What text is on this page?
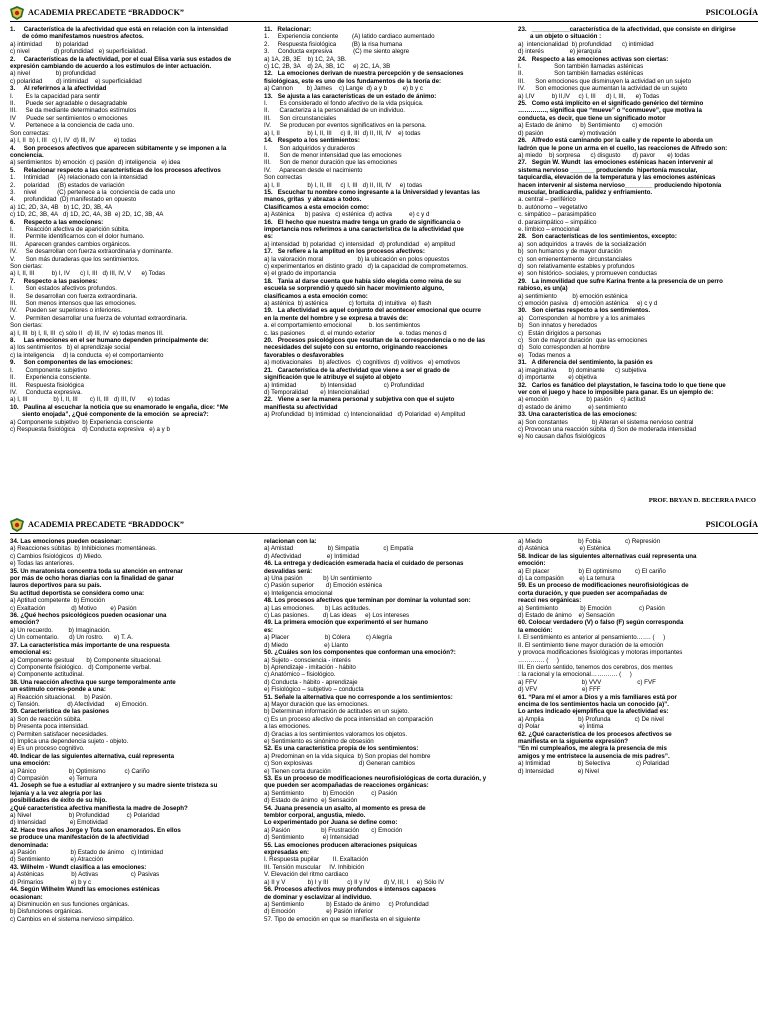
ACADEMIA PRECADETE “BRADDOCK”	PSICOLOGÍA
1.     Característica de la afectividad que está en relación con la intensidad
de cómo manifestamos nuestros afectos.
a) intimidad        b) polaridad
c) nivel              d) profundidad   e) superficialidad.
2.     Características de la afectividad, por el cual Elisa varía sus estados de
expresión cambiando de acuerdo a los estímulos de inter actuación.
a) nivel               b) profundidad
c) polaridad        d) intimidad    e) superficialidad
3.     Al referirnos a la afectividad
I.       Es la capacidad para sentir
II.      Puede ser agradable o desagradable
III.     Se da mediante determinados estímulos
IV      Puede ser sentimientos o emociones
V.      Pertenece a la conciencia de cada uno.
Son correctas:
a) I, II  b) I, III   c) I, IV  d) III, IV           e) todas
4.     Son procesos afectivos que aparecen súbitamente y se imponen a la
conciencia.
a) sentimientos  b) emoción  c) pasión  d) inteligencia   e) idea
5.     Relacionar respecto a las características de los procesos afectivos
1.     Intimidad     (A) relacionado con la intensidad
2.     polaridad     (B) estados de variación
3.     nivel            (C) pertenece a la  conciencia de cada uno
4.     profundidad  (D) manifestado en opuesto
a) 1C, 2D, 3A, 4B   b) 1C, 2D, 3B, 4A
c) 1D, 2C, 3B, 4A   d) 1D, 2C, 4A, 3B  e) 2D, 1C, 3B, 4A
6.     Respecto a las emociones:
I.       Reacción afectiva de aparición súbita.
II.      Permite identificarnos con el dolor humano.
III.     Aparecen grandes cambios orgánicos.
IV.     Se desarrollan con fuerza extraordinaria y dominante.
V.      Son más duraderas que los sentimientos.
Son ciertas:
a) I, II, III          b) I, IV      c) I, III   d) III, IV, V      e) Todas
7.     Respecto a las pasiones:
I.       Son estados afectivos profundos.
II.      Se desarrollan con fuerza extraordinaria.
III.     Son menos intensos que las emociones.
IV.     Pueden ser superiores o inferiores.
V.      Permiten desarrollar una fuerza de voluntad extraordinaria.
Son ciertas:
a) I, III  b) I, II, III  c) sólo II   d) III, IV  e) todas menos III.
8.     Las emociones en el ser humano dependen principalmente de:
a) los sentimientos   b) el aprendizaje social
c) la inteligencia     d) la conducta  e) el comportamiento
9.     Son componentes de las emociones:
I.       Componente subjetivo
II.      Experiencia consciente.
III.     Respuesta fisiológica
IV.     Conducta expresiva.
a) I, III               b) I, II, III       c) II, III   d) III, IV       e) todas
10.   Paulina al escuchar la noticia que su enamorado le engaña, dice: “Me
siento enojada”, ¿Qué componente de la emoción  se aprecia?:
a) Componente subjetivo  b) Experiencia consciente
c) Respuesta fisiológica    d) Conducta expresiva   e) a y b
11.   Relacionar:
1.     Experiencia conciente        (A) latido cardiaco aumentado
2.     Respuesta fisiológica         (B) la risa humana
3.     Conducta expresiva            (C) me siento alegre
a) 1A, 2B, 3E    b) 1C, 2A, 3B.
c) 1C, 2B, 3A    d) 2A, 3B, 1C     e) 2C, 1A, 3B
12.   La emociones derivan de nuestra percepción y de sensaciones
fisiológicas, este es uno de los fundamentos de la teoría de:
a) Cannon        b) James    c) Lange  d) a y b         e) b y c
13.   Se ajusta a las características de un estado de ánimo:
I.       Es considerado el fondo afectivo de la vida psíquica.
II.      Caracteriza a la personalidad de un individuo.
III.     Son circunstanciales
IV.     Se producen por eventos significativos en la persona.
a) I, II                b) I, II, III     c) II, III  d) II, III, IV    e) todas
14.   Respeto a los sentimientos:
I.       Son adquiridos y duraderos
II.      Son de menor intensidad que las emociones
III.     Son de menor duración que las emociones
IV.     Aparecen desde el nacimiento
Son correctas
a) I, II                b) I, II, III     c) I, III   d) II, III, IV     e) todas
15.   Escuchar tu nombre como ingresante a la Universidad y levantas las
manos, gritas  y abrazas a todos.
Clasificamos a esta emoción como:
a) Asténica      b) pasiva   c) esténica  d) activa          e) c y d
16.   El hecho que nuestra madre tenga un grado de significancia o
importancia nos referimos a una característica de la afectividad que
es:
a) intensidad  b) polaridad  c) intensidad   d) profundidad   e) amplitud
17.   Se refiere a la amplitud en los procesos afectivos:
a) la valoración moral                    b) la ubicación en polos opuestos
c) experimentarlos en distinto grado   d) la capacidad de comprometernos.
e) el grado de importancia
18.   Tania al darse cuenta que había sido elegida como reina de su
escuela se sorprendió y quedó sin hacer movimiento alguno,
clasificamos a esta emoción como:
a) asténica  b) asténica            c) fortuita  d) intuitiva   e) flash
19.   La afectividad es aquel conjunto del acontecer emocional que ocurre
en la mente del hombre y se expresa a través de:
a. el comportamiento emocional          b. los sentimientos
c. las pasiones         d. el mundo exterior              e. todas menos d
20.   Procesos psicológicos que resultan de la correspondencia o no de las
necesidades del sujeto con su entorno, originando reacciones
favorables o desfavorables
a) motivacionales    b) afectivos   c) cognitivos  d) volitivos   e) emotivos
21.   Característica de la afectividad que viene a ser el grado de
significación que le atribuye el sujeto al objeto
a) Intimidad              b) Intensidad                c) Profundidad
d) Temporalidad       e) Intencionalidad
22.   Viene a ser la manera personal y subjetiva con que el sujeto
manifiesta su afectividad
a) Profundidad  b) Intimidad  c) Intencionalidad   d) Polaridad  e) Amplitud
23.   ___________característica de la afectividad, que consiste en dirigirse
a un objeto o situación :
a)  intencionalidad  b) profundidad      c) intimidad
d) interés               e) jerarquía
24.   Respecto a las emociones activas son ciertas:
I.                   Son también llamadas asténicas
II.                  Son también llamadas esténicas
III.      Son emociones que disminuyen la actividad en un sujeto
IV.      Son emociones que aumentan la actividad de un sujeto
a) I,IV          b) II,IV     c) I, III      d) I, III,      e) Todas
25.   Como está implícito en el significado genérico del término
………….., significa que “mueve” o “conmueve”, que motiva la
conducta, es decir, que tiene un significado motor
a) Estado de ánimo     b) Sentimiento       c) emoción
d) pasión                     e) motivación
26.   Alfredo está caminando por la calle y de repente lo aborda un
ladrón que le pone un arma en el cuello, las reacciones de Alfredo son:
a) miedo    b) sorpresa      c) disgusto       d) pavor       e) todas
27.   Según W. Wundt  las emociones esténicas hacen intervenir al
sistema nervioso _______ produciendo  hipertonía muscular,
taquicardia, elevación de la temperatura y las emociones asténicas
hacen intervenir al sistema nervioso________ produciendo hipotonía
muscular, bradicardia, palidez y enfriamiento.
a. central – periférico
b. autónomo – vegetativo
c. simpático – parasimpático
d. parasimpático – simpático
e. límbico – emocional
28.   Son características de los sentimientos, excepto:
a)  son adquiridos  a través  de la socialización
b)  son humanos y de mayor duración
c)  son emienentemente  circunstanciales
d)  son relativamente estables y profundos
e)  son histórico- sociales, y promueven conductas
29.   La inmovilidad que sufre Karina frente a la presencia de un perro
rabioso, es un(a)
a) sentimiento         b) emoción esténica
c) emoción pasiva   d) emoción asténica     e) c y d
30.   Son ciertas respecto a los sentimientos.
a)   Corresponden  al hombre y a los animales
b)   Son innatos y heredados
c)   Están dirigidos a personas
c)   Son de mayor duración  que las emociones
d)   Solo corresponden al hombre
e)   Todas menos a
31.   A diferencia del sentimiento, la pasión es
a) imaginativa       b) dominante      c) subjetiva
d) importante        e) objetiva
32.   Carlos es fanático del playstation, le fascina todo lo que tiene que
ver con el juego y hace lo imposible para ganar. Es un ejemplo de:
a) emoción                      b) pasión     c) actitud
d) estado de ánimo          e) sentimiento
33. Una característica de las emociones:
a) Son constantes              b) Alteran el sistema nervioso central
c) Provocan una reacción súbita  d) Son de moderada intensidad
e) No causan daños fisiológicos
PROF. BRYAN D. BECERRA PAICO
ACADEMIA PRECADETE “BRADDOCK”	PSICOLOGÍA
34. Las emociones pueden ocasionar:
a) Reacciones súbitas  b) Inhibiciones momentáneas.
c) Cambios fisiológicos  d) Miedo.
e) Todas las anteriores.
35. Un maratonista concentra toda su atención en entrenar
por más de ocho horas diarias con la finalidad de ganar
lauros deportivos para su país.
Su actitud deportista se considera como una:
a) Aptitud competente  b) Emoción
c) Exaltación               d) Motivo        e) Pasión
36. ¿Qué hechos psicológicos pueden ocasionar una
emoción?
a) Un recuerdo.         b) Imaginación.
c) Un comentario.      d) Un rostro.      e) T. A.
37. La característica más importante de una respuesta
emocional es:
a) Componente gestual       b) Componente situacional.
c) Componente fisiológico.   d) Componente verbal.
e) Componente actitudinal.
38. Una reacción afectiva que surge temporalmente ante
un estímulo corres-ponde a una:
a) Reacción situacional.     b) Pasión.
c) Tensión.                d) Afectividad      e) Emoción.
39. Característica de las pasiones
a) Son de reacción súbita.
b) Presenta poca intensidad.
c) Permiten satisfacer necesidades.
d) Implica una dependencia sujeto - objeto.
e) Es un proceso cognitivo.
40. Indicar de las siguientes alternativa, cuál representa
una emoción:
a) Pánico                   b) Optimismo           c) Cariño
d) Compasión            e) Ternura
41. Joseph se fue a estudiar al extranjero y su madre siente tristeza su
lejanía y a la vez alegría por las
posibilidades de éxito de su hijo.
¿Qué característica afectiva manifiesta la madre de Joseph?
a) Nivel                      b) Profundidad          c) Polaridad
d) Intensidad              e) Emotividad
42. Hace tres años Jorge y Tota son enamorados. En ellos
se produce una manifestación de la afectividad
denominada:
a) Pasión                    b) Estado de ánimo    c) Intimidad
d) Sentimiento            e) Atracción
43. Wilhelm - Wundt clasifica a las emociones:
a) Asténicas                b) Activas                   c) Pasivas
d) Primarios                e) b y c
44. Según Wilhelm Wundt las emociones esténicas
ocasionan:
a) Disminución en sus funciones orgánicas.
b) Disfunciones orgánicas.
c) Cambios en el sistema nervioso simpático.
relacionan con la:
a) Amistad                    b) Simpatía              c) Empatía
d) Afectividad               e) Intimidad
46. La entrega y dedicación esmerada hacia el cuidado de personas
desvalidas será:
a) Una pasión            b) Un sentimiento
c) Pasión superior       d) Emoción esténica
e) Inteligencia emocional
48. Los procesos afectivos que terminan por dominar la voluntad son:
a) Las emociones.      b) Las actitudes.
c) Las pasiones.        d) Las ideas     e) Los intereses
49. La primera emoción que experimentó el ser humano
es:
a) Placer                     b) Cólera         c) Alegría
d) Miedo                     e) Llanto
50. ¿Cuáles son los componentes que conforman una emoción?:
a) Sujeto - consciencia - interés
b) Aprendizaje - imitación - hábito
c) Anatómico – fisiológico.
d) Conducta - hábito - aprendizaje
e) Fisiológico – subjetivo – conducta
51. Señale la alternativa que no corresponde a los sentimientos:
a) Mayor duración que las emociones.
b) Determinan información de actitudes en un sujeto.
c) Es un proceso afectivo de poca intensidad en comparación
a las emociones.
d) Gracias a los sentimientos valoramos los objetos.
e) Sentimiento es sinónimo de obsesión
52. Es una característica propia de los sentimientos:
a) Predominan en la vida síquica  b) Son propias del hombre
c) Son explosivas                           d) Generan cambios
e) Tienen corta duración
53. Es un proceso de modificaciones neurofisiológicas de corta duración, y
que pueden ser acompañadas de reacciones orgánicas:
a) Sentimiento           b) Emoción          c) Pasión
d) Estado de ánimo  e) Sensación
54. Juana presencia un asalto, al momento es presa de
temblor corporal, angustia, miedo.
Lo experimentado por Juana se define como:
a) Pasión                  b) Frustración       c) Emoción
d) Sentimiento           e) Intensidad
55. Las emociones producen alteraciones psíquicas
expresadas en:
I. Respuesta pupilar        II. Exaltación
III. Tensión muscular     IV. Inhibición
V. Elevación del ritmo cardiaco
a) II y V             b) I y III           c) II y IV        d) V, III, I     e) Sólo IV
56. Procesos afectivos muy profundos e intensos capaces
de dominar y esclavizar al individuo.
a) Sentimiento             b) Estado de ánimo     c) Profundidad
d) Emoción                  e) Pasión inferior
57. Tipo de emoción en que se manifiesta en el siguiente
a) Miedo                     b) Fobia              c) Represión
d) Asténica                  e) Esténica
58. Indicar de las siguientes alternativas cuál representa una
emoción:
a) El placer                 b) El optimismo        c) El cariño
d) La compasión         e) La ternura
59. Es un proceso de modificaciones neurofisiológicas de
corta duración, y que pueden ser acompañadas de
reacci nes orgánicas:
a) Sentimiento             b) Emoción                c) Pasión
d) Estado de ánimo    e) Sensación
60. Colocar verdadero (V) o falso (F) según corresponda
la emoción:
I. El sentimiento es anterior al pensamiento……. (     )
II. El sentimiento tiene mayor duración de la emoción
y provoca modificaciones fisiológicas y motoras importantes
…………. (     )
III. En cierto sentido, tenemos dos cerebros, dos mentes
: la racional y la emocional…………. (     )
a) FFV                          b) VVV                     c) FVF
d) VFV                          e) FFF
61. “Para mí el amor a Dios y a mis familiares está por
encima de los sentimientos hacia un conocido (a)”.
Lo antes indicado ejemplifica que la afectividad es:
a) Amplia                    b) Profunda              c) De nivel
d) Polar                       e) Íntima
62. ¿Qué característica de los procesos afectivos se
manifiesta en la siguiente expresión?
“En mi cumpleaños, me alegra la presencia de mis
amigos y me entristece la ausencia de mis padres”.
a) Intimidad                b) Selectiva               c) Polaridad
d) Intensidad              e) Nivel
